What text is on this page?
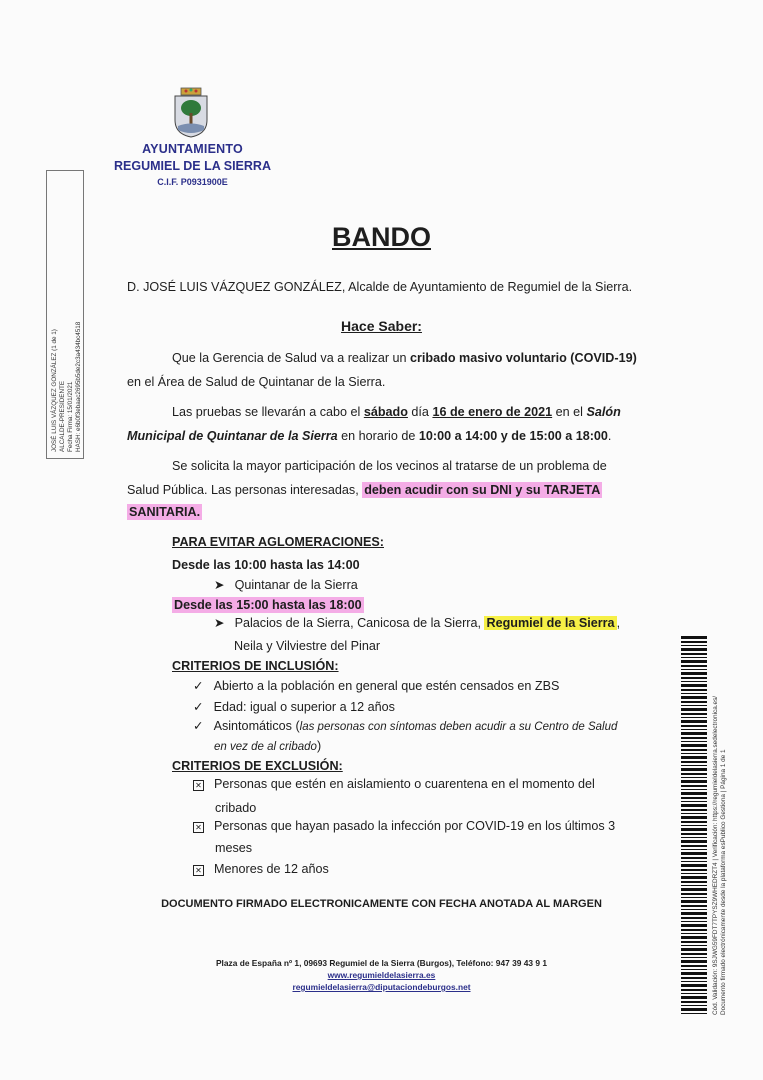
AYUNTAMIENTO
REGUMIEL DE LA SIERRA
C.I.F. P0931900E
JOSÉ LUIS VÁZQUEZ GONZÁLEZ (1 de 1) ALCALDE-PRESIDENTE Fecha Firma: 15/01/2021 HASH: e6b0f3ebaac2695b5de2c3a434bc4518
BANDO
D. JOSÉ LUIS VÁZQUEZ GONZÁLEZ, Alcalde de Ayuntamiento de Regumiel de la Sierra.
Hace Saber:
Que la Gerencia de Salud va a realizar un cribado masivo voluntario (COVID-19)
en el Área de Salud de Quintanar de la Sierra.
Las pruebas se llevarán a cabo el sábado día 16 de enero de 2021 en el Salón
Municipal de Quintanar de la Sierra en horario de 10:00 a 14:00 y de 15:00 a 18:00.
Se solicita la mayor participación de los vecinos al tratarse de un problema de
Salud Pública. Las personas interesadas, deben acudir con su DNI y su TARJETA
SANITARIA.
PARA EVITAR AGLOMERACIONES:
Desde las 10:00 hasta las 14:00
➤ Quintanar de la Sierra
Desde las 15:00 hasta las 18:00
➤ Palacios de la Sierra, Canicosa de la Sierra, Regumiel de la Sierra ,
Neila y Vilviestre del Pinar
CRITERIOS DE INCLUSIÓN:
✓ Abierto a la población en general que estén censados en ZBS
✓ Edad: igual o superior a 12 años
✓ Asintomáticos (las personas con síntomas deben acudir a su Centro de Salud
en vez de al cribado)
CRITERIOS DE EXCLUSIÓN:
✕ Personas que estén en aislamiento o cuarentena en el momento del
cribado
✕ Personas que hayan pasado la infección por COVID-19 en los últimos 3
meses
✕ Menores de 12 años
DOCUMENTO FIRMADO ELECTRONICAMENTE CON FECHA ANOTADA AL MARGEN
Plaza de España nº 1, 09693 Regumiel de la Sierra (Burgos), Teléfono: 947 39 43 9 1
www.regumieldelasierra.es
regumieldelasierra@diputaciondeburgos.net	Cód. Validación: 9SJWG59FDT7TPYSZ9WHEDRZT4 | Verificación: https://regumieldelasierra.sedelectronica.es/ Documento firmado electrónicamente desde la plataforma esPublico Gestiona | Página 1 de 1
